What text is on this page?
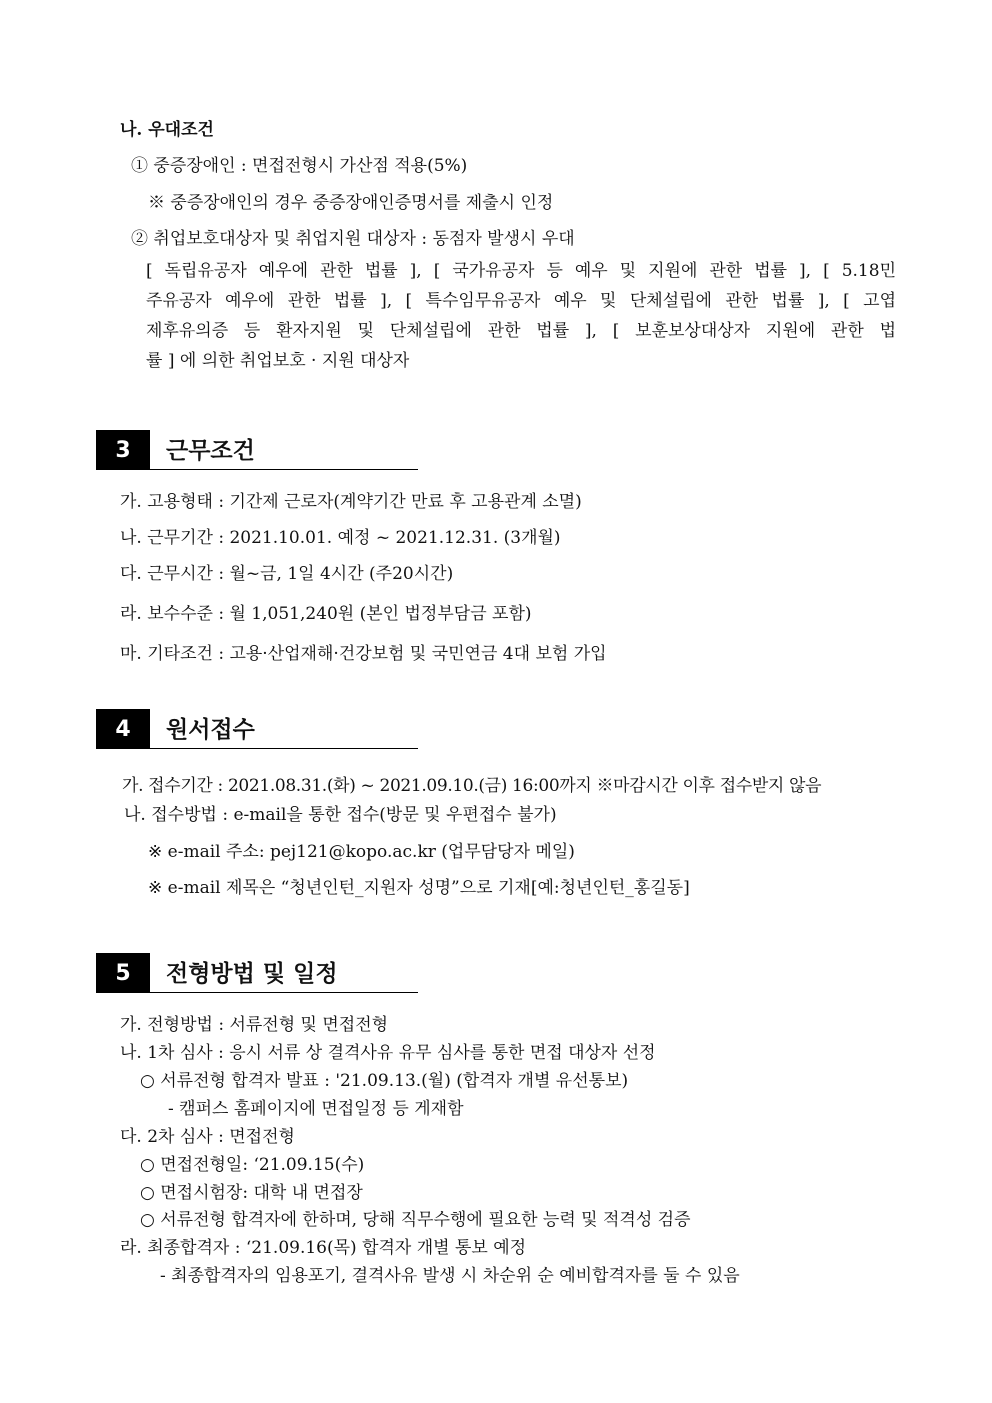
나. 우대조건
① 중증장애인 : 면접전형시 가산점 적용(5%)
※ 중증장애인의 경우 중증장애인증명서를 제출시 인정
② 취업보호대상자 및 취업지원 대상자 : 동점자 발생시 우대
[ 독립유공자 예우에 관한 법률 ], [ 국가유공자 등 예우 및 지원에 관한 법률 ], [ 5.18민
주유공자 예우에 관한 법률 ], [ 특수임무유공자 예우 및 단체설립에 관한 법률 ], [ 고엽
제후유의증 등 환자지원 및 단체설립에 관한 법률 ], [ 보훈보상대상자 지원에 관한 법
률 ] 에 의한 취업보호 · 지원 대상자
3	근무조건
가. 고용형태 : 기간제 근로자(계약기간 만료 후 고용관계 소멸)
나. 근무기간 : 2021.10.01. 예정 ~ 2021.12.31. (3개월)
다. 근무시간 : 월~금, 1일 4시간 (주20시간)
라. 보수수준 : 월 1,051,240원 (본인 법정부담금 포함)
마. 기타조건 : 고용·산업재해·건강보험 및 국민연금 4대 보험 가입
4	원서접수
가. 접수기간 : 2021.08.31.(화) ~ 2021.09.10.(금) 16:00까지 ※마감시간 이후 접수받지 않음
나. 접수방법 : e-mail을 통한 접수(방문 및 우편접수 불가)
※ e-mail 주소: pej121@kopo.ac.kr (업무담당자 메일)
※ e-mail 제목은 “청년인턴_지원자 성명”으로 기재[예:청년인턴_홍길동]
5	전형방법 및 일정
가. 전형방법 : 서류전형 및 면접전형
나. 1차 심사 : 응시 서류 상 결격사유 유무 심사를 통한 면접 대상자 선정
○ 서류전형 합격자 발표 : '21.09.13.(월) (합격자 개별 유선통보)
- 캠퍼스 홈페이지에 면접일정 등 게재함
다. 2차 심사 : 면접전형
○ 면접전형일: ‘21.09.15(수)
○ 면접시험장: 대학 내 면접장
○ 서류전형 합격자에 한하며, 당해 직무수행에 필요한 능력 및 적격성 검증
라. 최종합격자 : ‘21.09.16(목) 합격자 개별 통보 예정
- 최종합격자의 임용포기, 결격사유 발생 시 차순위 순 예비합격자를 둘 수 있음
